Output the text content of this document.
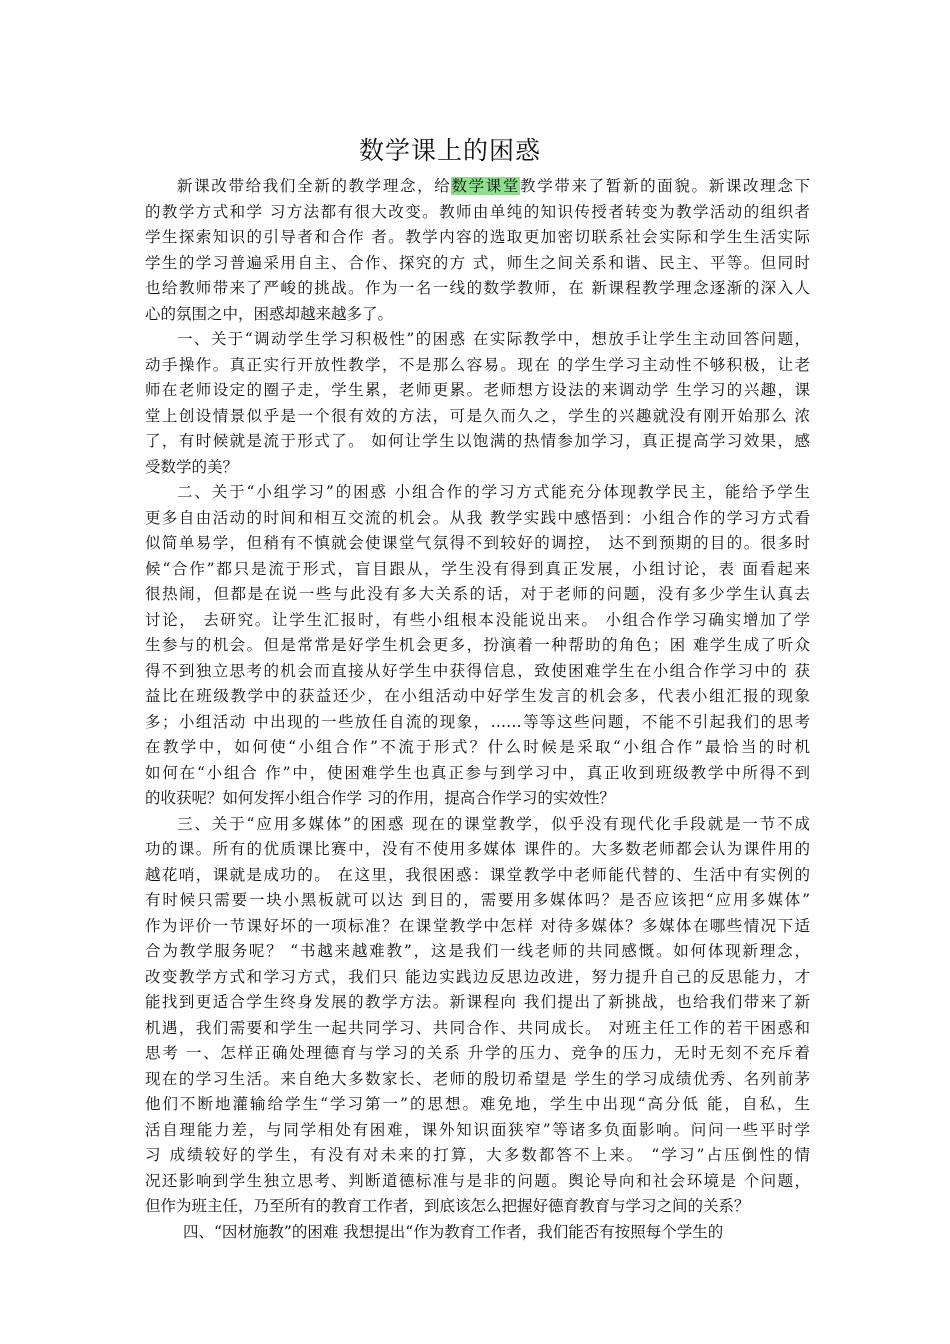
数学课上的困惑
新课改带给我们全新的教学理念，给数学课堂教学带来了暂新的面貌。新课改理念下
的教学方式和学 习方法都有很大改变。教师由单纯的知识传授者转变为教学活动的组织者
学生探索知识的引导者和合作 者。教学内容的选取更加密切联系社会实际和学生生活实际
学生的学习普遍采用自主、合作、探究的方 式，师生之间关系和谐、民主、平等。但同时
也给教师带来了严峻的挑战。作为一名一线的数学教师，在 新课程教学理念逐渐的深入人
心的氛围之中，困惑却越来越多了。
一、关于“调动学生学习积极性”的困惑 在实际教学中，想放手让学生主动回答问题，
动手操作。真正实行开放性教学，不是那么容易。现在 的学生学习主动性不够积极，让老
师在老师设定的圈子走，学生累，老师更累。老师想方设法的来调动学 生学习的兴趣，课
堂上创设情景似乎是一个很有效的方法，可是久而久之，学生的兴趣就没有刚开始那么 浓
了，有时候就是流于形式了。 如何让学生以饱满的热情参加学习，真正提高学习效果，感
受数学的美？
二、关于“小组学习”的困惑 小组合作的学习方式能充分体现教学民主，能给予学生
更多自由活动的时间和相互交流的机会。从我 教学实践中感悟到：小组合作的学习方式看
似简单易学，但稍有不慎就会使课堂气氛得不到较好的调控， 达不到预期的目的。很多时
候“合作”都只是流于形式，盲目跟从，学生没有得到真正发展，小组讨论，表 面看起来
很热闹，但都是在说一些与此没有多大关系的话，对于老师的问题，没有多少学生认真去
讨论， 去研究。让学生汇报时，有些小组根本没能说出来。 小组合作学习确实增加了学
生参与的机会。但是常常是好学生机会更多，扮演着一种帮助的角色；困 难学生成了听众
得不到独立思考的机会而直接从好学生中获得信息，致使困难学生在小组合作学习中的 获
益比在班级教学中的获益还少，在小组活动中好学生发言的机会多，代表小组汇报的现象
多；小组活动 中出现的一些放任自流的现象，……等等这些问题，不能不引起我们的思考
在教学中，如何使“小组合作”不流于形式？什么时候是采取“小组合作”最恰当的时机
如何在“小组合 作”中，使困难学生也真正参与到学习中，真正收到班级教学中所得不到
的收获呢？如何发挥小组合作学 习的作用，提高合作学习的实效性？
三、关于“应用多媒体”的困惑 现在的课堂教学，似乎没有现代化手段就是一节不成
功的课。所有的优质课比赛中，没有不使用多媒体 课件的。大多数老师都会认为课件用的
越花哨，课就是成功的。 在这里，我很困惑：课堂教学中老师能代替的、生活中有实例的
有时候只需要一块小黑板就可以达 到目的，需要用多媒体吗？是否应该把“应用多媒体”
作为评价一节课好坏的一项标准？在课堂教学中怎样 对待多媒体？多媒体在哪些情况下适
合为教学服务呢？ “书越来越难教”，这是我们一线老师的共同感慨。如何体现新理念，
改变教学方式和学习方式，我们只 能边实践边反思边改进，努力提升自己的反思能力，才
能找到更适合学生终身发展的教学方法。新课程向 我们提出了新挑战，也给我们带来了新
机遇，我们需要和学生一起共同学习、共同合作、共同成长。 对班主任工作的若干困惑和
思考 一、怎样正确处理德育与学习的关系 升学的压力、竞争的压力，无时无刻不充斥着
现在的学习生活。来自绝大多数家长、老师的殷切希望是 学生的学习成绩优秀、名列前茅
他们不断地灌输给学生“学习第一”的思想。难免地，学生中出现“高分低 能，自私，生
活自理能力差，与同学相处有困难，课外知识面狭窄”等诸多负面影响。问问一些平时学
习 成绩较好的学生，有没有对未来的打算，大多数都答不上来。 “学习”占压倒性的情
况还影响到学生独立思考、判断道德标准与是非的问题。舆论导向和社会环境是 个问题，
但作为班主任，乃至所有的教育工作者，到底该怎么把握好德育教育与学习之间的关系？
四、“因材施教”的困难 我想提出“作为教育工作者，我们能否有按照每个学生的
